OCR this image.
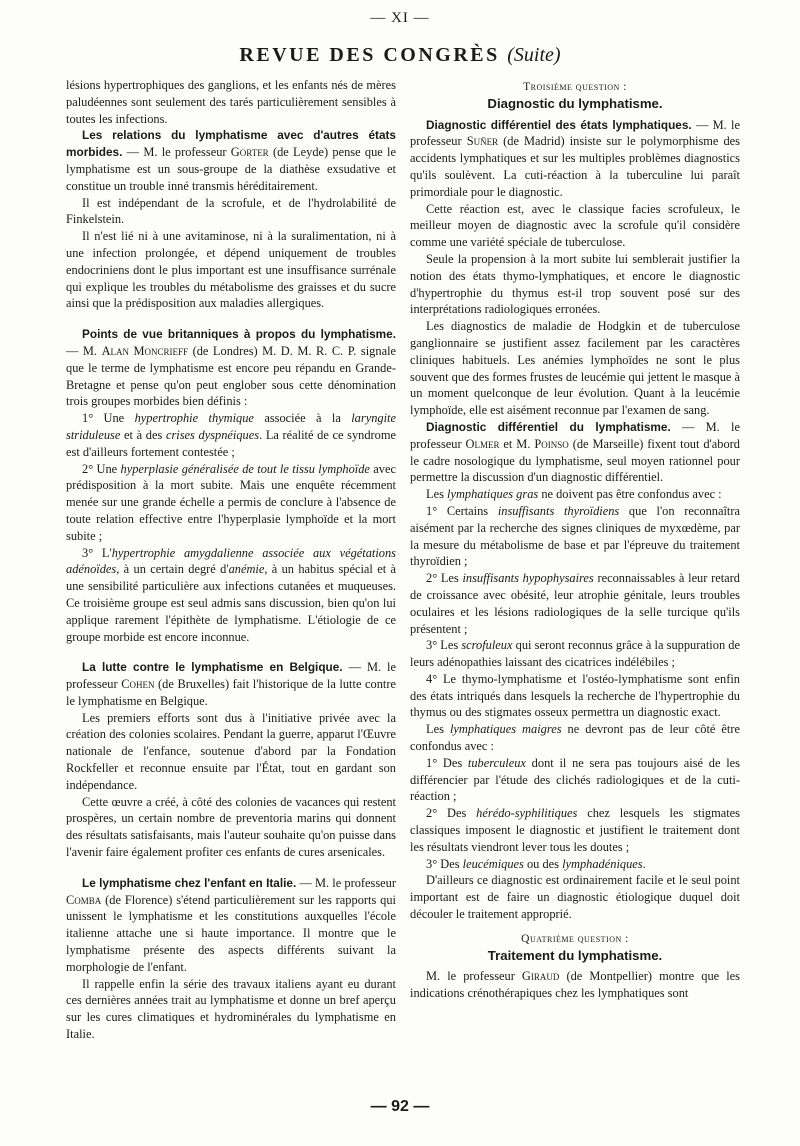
— XI —
REVUE DES CONGRÈS (Suite)

lésions hypertrophiques des ganglions, et les enfants nés de mères paludéennes sont seulement des tarés particulièrement sensibles à toutes les infections.

Les relations du lymphatisme avec d'autres états morbides. — M. le professeur Gorter (de Leyde) pense que le lymphatisme est un sous-groupe de la diathèse exsudative et constitue un trouble inné transmis héréditairement.

Il est indépendant de la scrofule, et de l'hydrolabilité de Finkelstein.

Il n'est lié ni à une avitaminose, ni à la suralimentation, ni à une infection prolongée, et dépend uniquement de troubles endocriniens dont le plus important est une insuffisance surrénale qui explique les troubles du métabolisme des graisses et du sucre ainsi que la prédisposition aux maladies allergiques.

Points de vue britanniques à propos du lymphatisme. — M. Alan Moncrieff (de Londres) M. D. M. R. C. P. signale que le terme de lymphatisme est encore peu répandu en Grande-Bretagne et pense qu'on peut englober sous cette dénomination trois groupes morbides bien définis :

1° Une hypertrophie thymique associée à la laryngite striduleuse et à des crises dyspnéiques. La réalité de ce syndrome est d'ailleurs fortement contestée ;

2° Une hyperplasie généralisée de tout le tissu lymphoïde avec prédisposition à la mort subite. Mais une enquête récemment menée sur une grande échelle a permis de conclure à l'absence de toute relation effective entre l'hyperplasie lymphoïde et la mort subite ;

3° L'hypertrophie amygdalienne associée aux végétations adénoïdes, à un certain degré d'anémie, à un habitus spécial et à une sensibilité particulière aux infections cutanées et muqueuses. Ce troisième groupe est seul admis sans discussion, bien qu'on lui applique rarement l'épithète de lymphatisme. L'étiologie de ce groupe morbide est encore inconnue.

La lutte contre le lymphatisme en Belgique. — M. le professeur Cohen (de Bruxelles) fait l'historique de la lutte contre le lymphatisme en Belgique.

Les premiers efforts sont dus à l'initiative privée avec la création des colonies scolaires. Pendant la guerre, apparut l'Œuvre nationale de l'enfance, soutenue d'abord par la Fondation Rockfeller et reconnue ensuite par l'État, tout en gardant son indépendance.

Cette œuvre a créé, à côté des colonies de vacances qui restent prospères, un certain nombre de preventoria marins qui donnent des résultats satisfaisants, mais l'auteur souhaite qu'on puisse dans l'avenir faire également profiter ces enfants de cures arsenicales.

Le lymphatisme chez l'enfant en Italie. — M. le professeur Comba (de Florence) s'étend particulièrement sur les rapports qui unissent le lymphatisme et les constitutions auxquelles l'école italienne attache une si haute importance. Il montre que le lymphatisme présente des aspects différents suivant la morphologie de l'enfant.

Il rappelle enfin la série des travaux italiens ayant eu durant ces dernières années trait au lymphatisme et donne un bref aperçu sur les cures climatiques et hydrominérales du lymphatisme en Italie.

Troisième question :

Diagnostic du lymphatisme.

Diagnostic différentiel des états lymphatiques. — M. le professeur Suñer (de Madrid) insiste sur le polymorphisme des accidents lymphatiques et sur les multiples problèmes diagnostics qu'ils soulèvent. La cuti-réaction à la tuberculine lui paraît primordiale pour le diagnostic.

Cette réaction est, avec le classique facies scrofuleux, le meilleur moyen de diagnostic avec la scrofule qu'il considère comme une variété spéciale de tuberculose.

Seule la propension à la mort subite lui semblerait justifier la notion des états thymo-lymphatiques, et encore le diagnostic d'hypertrophie du thymus est-il trop souvent posé sur des interprétations radiologiques erronées.

Les diagnostics de maladie de Hodgkin et de tuberculose ganglionnaire se justifient assez facilement par les caractères cliniques habituels. Les anémies lymphoïdes ne sont le plus souvent que des formes frustes de leucémie qui jettent le masque à un moment quelconque de leur évolution. Quant à la leucémie lymphoïde, elle est aisément reconnue par l'examen de sang.

Diagnostic différentiel du lymphatisme. — M. le professeur Olmer et M. Poinso (de Marseille) fixent tout d'abord le cadre nosologique du lymphatisme, seul moyen rationnel pour permettre la discussion d'un diagnostic différentiel.

Les lymphatiques gras ne doivent pas être confondus avec :

1° Certains insuffisants thyroïdiens que l'on reconnaîtra aisément par la recherche des signes cliniques de myxœdème, par la mesure du métabolisme de base et par l'épreuve du traitement thyroïdien ;

2° Les insuffisants hypophysaires reconnaissables à leur retard de croissance avec obésité, leur atrophie génitale, leurs troubles oculaires et les lésions radiologiques de la selle turcique qu'ils présentent ;

3° Les scrofuleux qui seront reconnus grâce à la suppuration de leurs adénopathies laissant des cicatrices indélébiles ;

4° Le thymo-lymphatisme et l'ostéo-lymphatisme sont enfin des états intriqués dans lesquels la recherche de l'hypertrophie du thymus ou des stigmates osseux permettra un diagnostic exact.

Les lymphatiques maigres ne devront pas de leur côté être confondus avec :

1° Des tuberculeux dont il ne sera pas toujours aisé de les différencier par l'étude des clichés radiologiques et de la cuti-réaction ;

2° Des hérédo-syphilitiques chez lesquels les stigmates classiques imposent le diagnostic et justifient le traitement dont les résultats viendront lever tous les doutes ;

3° Des leucémiques ou des lymphadéniques.

D'ailleurs ce diagnostic est ordinairement facile et le seul point important est de faire un diagnostic étiologique duquel doit découler le traitement approprié.

Quatrième question :

Traitement du lymphatisme.

M. le professeur Giraud (de Montpellier) montre que les indications crénothérapiques chez les lymphatiques sont

— 92 —
